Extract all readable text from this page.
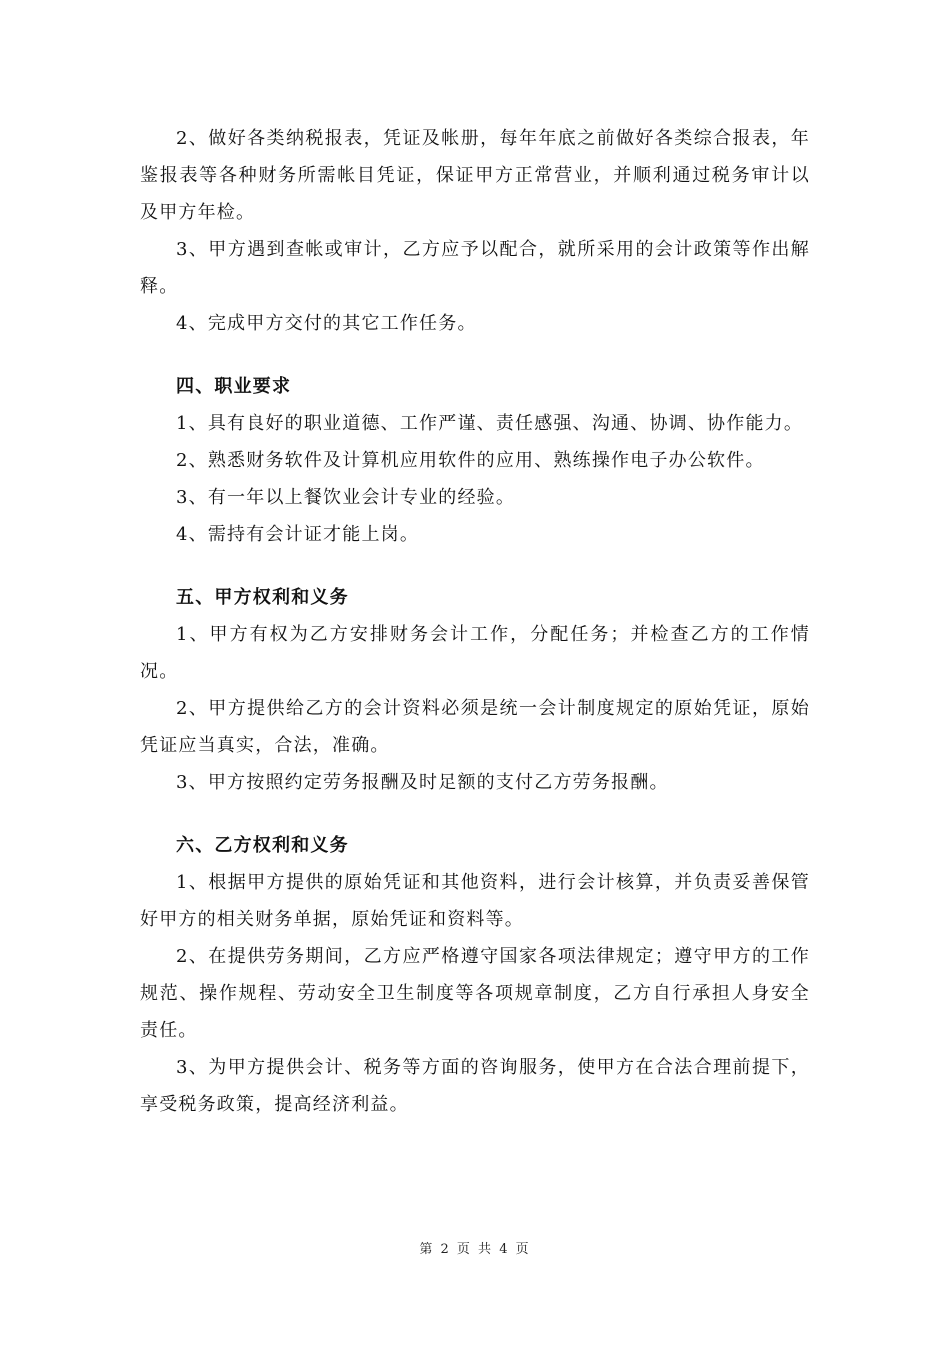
2、做好各类纳税报表，凭证及帐册，每年年底之前做好各类综合报表，年鉴报表等各种财务所需帐目凭证，保证甲方正常营业，并顺利通过税务审计以及甲方年检。

3、甲方遇到查帐或审计，乙方应予以配合，就所采用的会计政策等作出解释。

4、完成甲方交付的其它工作任务。

四、职业要求

1、具有良好的职业道德、工作严谨、责任感强、沟通、协调、协作能力。

2、熟悉财务软件及计算机应用软件的应用、熟练操作电子办公软件。

3、有一年以上餐饮业会计专业的经验。

4、需持有会计证才能上岗。

五、甲方权利和义务

1、甲方有权为乙方安排财务会计工作，分配任务；并检查乙方的工作情况。

2、甲方提供给乙方的会计资料必须是统一会计制度规定的原始凭证，原始凭证应当真实，合法，准确。

3、甲方按照约定劳务报酬及时足额的支付乙方劳务报酬。

六、乙方权利和义务

1、根据甲方提供的原始凭证和其他资料，进行会计核算，并负责妥善保管好甲方的相关财务单据，原始凭证和资料等。

2、在提供劳务期间，乙方应严格遵守国家各项法律规定；遵守甲方的工作规范、操作规程、劳动安全卫生制度等各项规章制度，乙方自行承担人身安全责任。

3、为甲方提供会计、税务等方面的咨询服务，使甲方在合法合理前提下，享受税务政策，提高经济利益。

第 2 页 共 4 页
